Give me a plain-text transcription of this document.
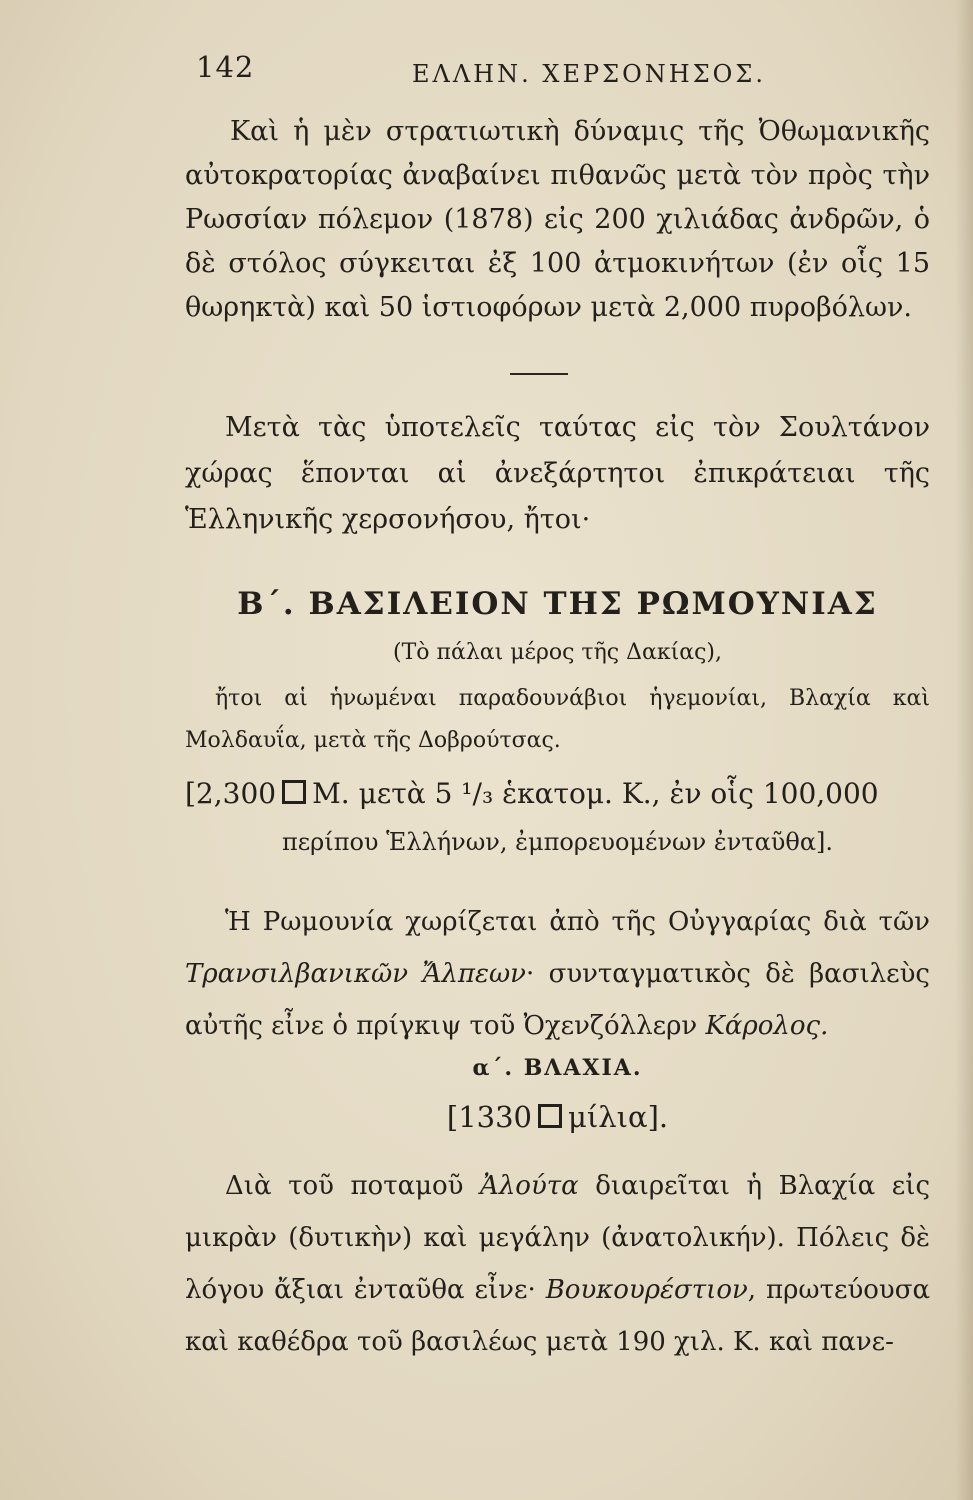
142	ΕΛΛΗΝ. ΧΕΡΣΟΝΗΣΟΣ.

Καὶ ἡ μὲν στρατιωτικὴ δύναμις τῆς Ὀθωμανικῆς αὐτοκρατορίας ἀναβαίνει πιθανῶς μετὰ τὸν πρὸς τὴν Ρωσσίαν πόλεμον (1878) εἰς 200 χιλιάδας ἀνδρῶν, ὁ δὲ στόλος σύγκειται ἐξ 100 ἀτμοκινήτων (ἐν οἷς 15 θωρηκτὰ) καὶ 50 ἱστιοφόρων μετὰ 2,000 πυροβόλων.

Μετὰ τὰς ὑποτελεῖς ταύτας εἰς τὸν Σουλτάνον χώρας ἕπονται αἱ ἀνεξάρτητοι ἐπικράτειαι τῆς Ἑλληνικῆς χερσονήσου, ἤτοι·

Β΄. ΒΑΣΙΛΕΙΟΝ ΤΗΣ ΡΩΜΟΥΝΙΑΣ
(Τὸ πάλαι μέρος τῆς Δακίας),

ἤτοι αἱ ἡνωμέναι παραδουνάβιοι ἡγεμονίαι, Βλαχία καὶ Μολδαυΐα, μετὰ τῆς Δοβρούτσας.

[2,300 Μ. μετὰ 5 ¹/₃ ἑκατομ. Κ., ἐν οἷς 100,000
περίπου Ἑλλήνων, ἐμπορευομένων ἐνταῦθα].

Ἡ Ρωμουνία χωρίζεται ἀπὸ τῆς Οὐγγαρίας διὰ τῶν Τρανσιλβανικῶν Ἄλπεων· συνταγματικὸς δὲ βασιλεὺς αὐτῆς εἶνε ὁ πρίγκιψ τοῦ Ὀχενζόλλερν Κάρολος.

α΄. ΒΛΑΧΙΑ.
[1330 μίλια].

Διὰ τοῦ ποταμοῦ Ἀλούτα διαιρεῖται ἡ Βλαχία εἰς μικρὰν (δυτικὴν) καὶ μεγάλην (ἀνατολικήν). Πόλεις δὲ λόγου ἄξιαι ἐνταῦθα εἶνε· Βουκουρέστιον, πρωτεύουσα καὶ καθέδρα τοῦ βασιλέως μετὰ 190 χιλ. Κ. καὶ πανε-
